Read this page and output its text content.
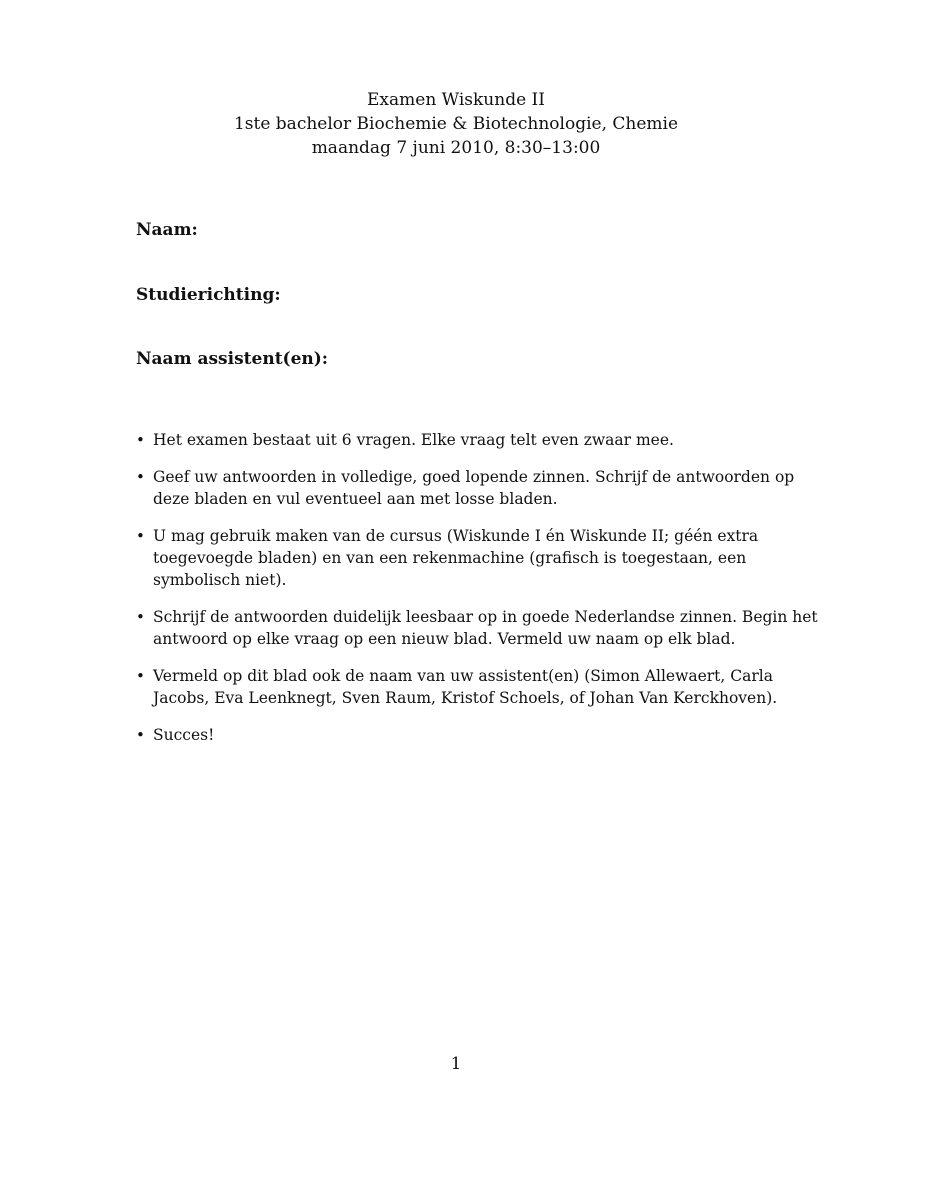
Examen Wiskunde II
1ste bachelor Biochemie & Biotechnologie, Chemie
maandag 7 juni 2010, 8:30–13:00
Naam:
Studierichting:
Naam assistent(en):
• Het examen bestaat uit 6 vragen. Elke vraag telt even zwaar mee.
• Geef uw antwoorden in volledige, goed lopende zinnen. Schrijf de antwoorden op deze bladen en vul eventueel aan met losse bladen.
• U mag gebruik maken van de cursus (Wiskunde I én Wiskunde II; géén extra toegevoegde bladen) en van een rekenmachine (grafisch is toegestaan, een symbolisch niet).
• Schrijf de antwoorden duidelijk leesbaar op in goede Nederlandse zinnen. Begin het antwoord op elke vraag op een nieuw blad. Vermeld uw naam op elk blad.
• Vermeld op dit blad ook de naam van uw assistent(en) (Simon Allewaert, Carla Jacobs, Eva Leenknegt, Sven Raum, Kristof Schoels, of Johan Van Kerckhoven).
• Succes!
1
